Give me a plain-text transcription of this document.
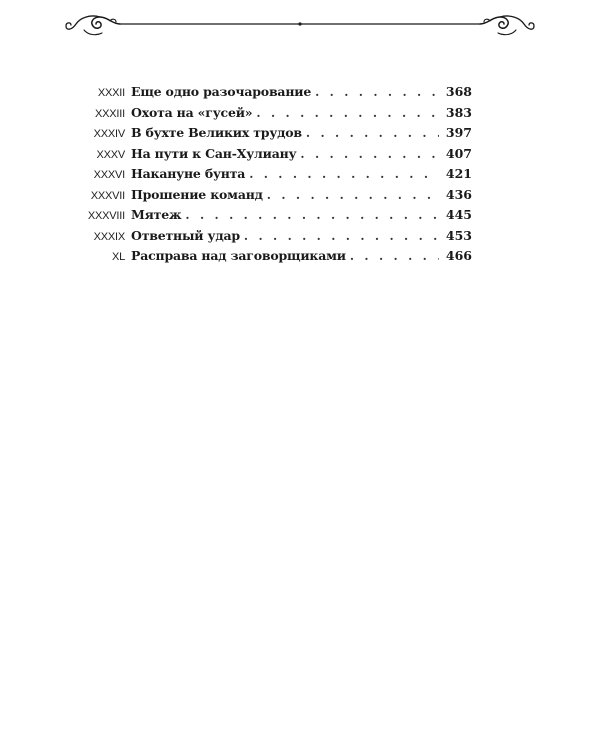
XXXII Еще одно разочарование . . .	368
XXXIII Охота на «гусей» . . .	383
XXXIV В бухте Великих трудов . . .	397
XXXV На пути к Сан-Хулиану . . .	407
XXXVI Накануне бунта . . .	421
XXXVII Прошение команд . . .	436
XXXVIII Мятеж . . .	445
XXXIX Ответный удар . . .	453
XL Расправа над заговорщиками . . .	466
